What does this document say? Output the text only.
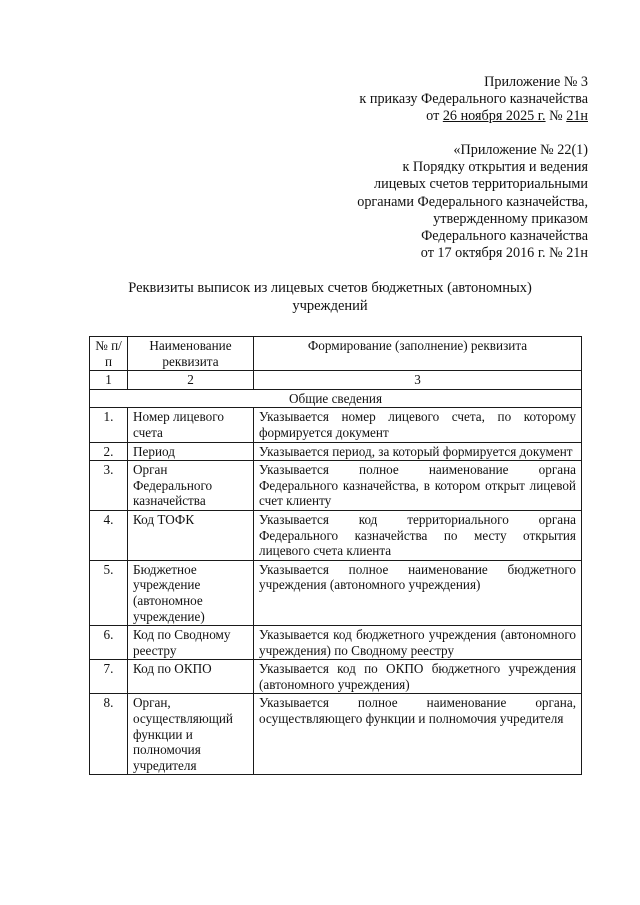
Приложение № 3
к приказу Федерального казначейства
от 26 ноября 2025 г. № 21н
«Приложение № 22(1)
к Порядку открытия и ведения
лицевых счетов территориальными
органами Федерального казначейства,
утвержденному приказом
Федерального казначейства
от 17 октября 2016 г. № 21н
Реквизиты выписок из лицевых счетов бюджетных (автономных)
учреждений
№ п/п	Наименование реквизита	Формирование (заполнение) реквизита
1	2	3
Общие сведения		
1.	Номер лицевого счета	Указывается номер лицевого счета, по которому формируется документ
2.	Период	Указывается период, за который формируется документ
3.	Орган Федерального казначейства	Указывается полное наименование органа Федерального казначейства, в котором открыт лицевой счет клиенту
4.	Код ТОФК	Указывается код территориального органа Федерального казначейства по месту открытия лицевого счета клиента
5.	Бюджетное учреждение (автономное учреждение)	Указывается полное наименование бюджетного учреждения (автономного учреждения)
6.	Код по Сводному реестру	Указывается код бюджетного учреждения (автономного учреждения) по Сводному реестру
7.	Код по ОКПО	Указывается код по ОКПО бюджетного учреждения (автономного учреждения)
8.	Орган, осуществляющий функции и полномочия учредителя	Указывается полное наименование органа, осуществляющего функции и полномочия учредителя
